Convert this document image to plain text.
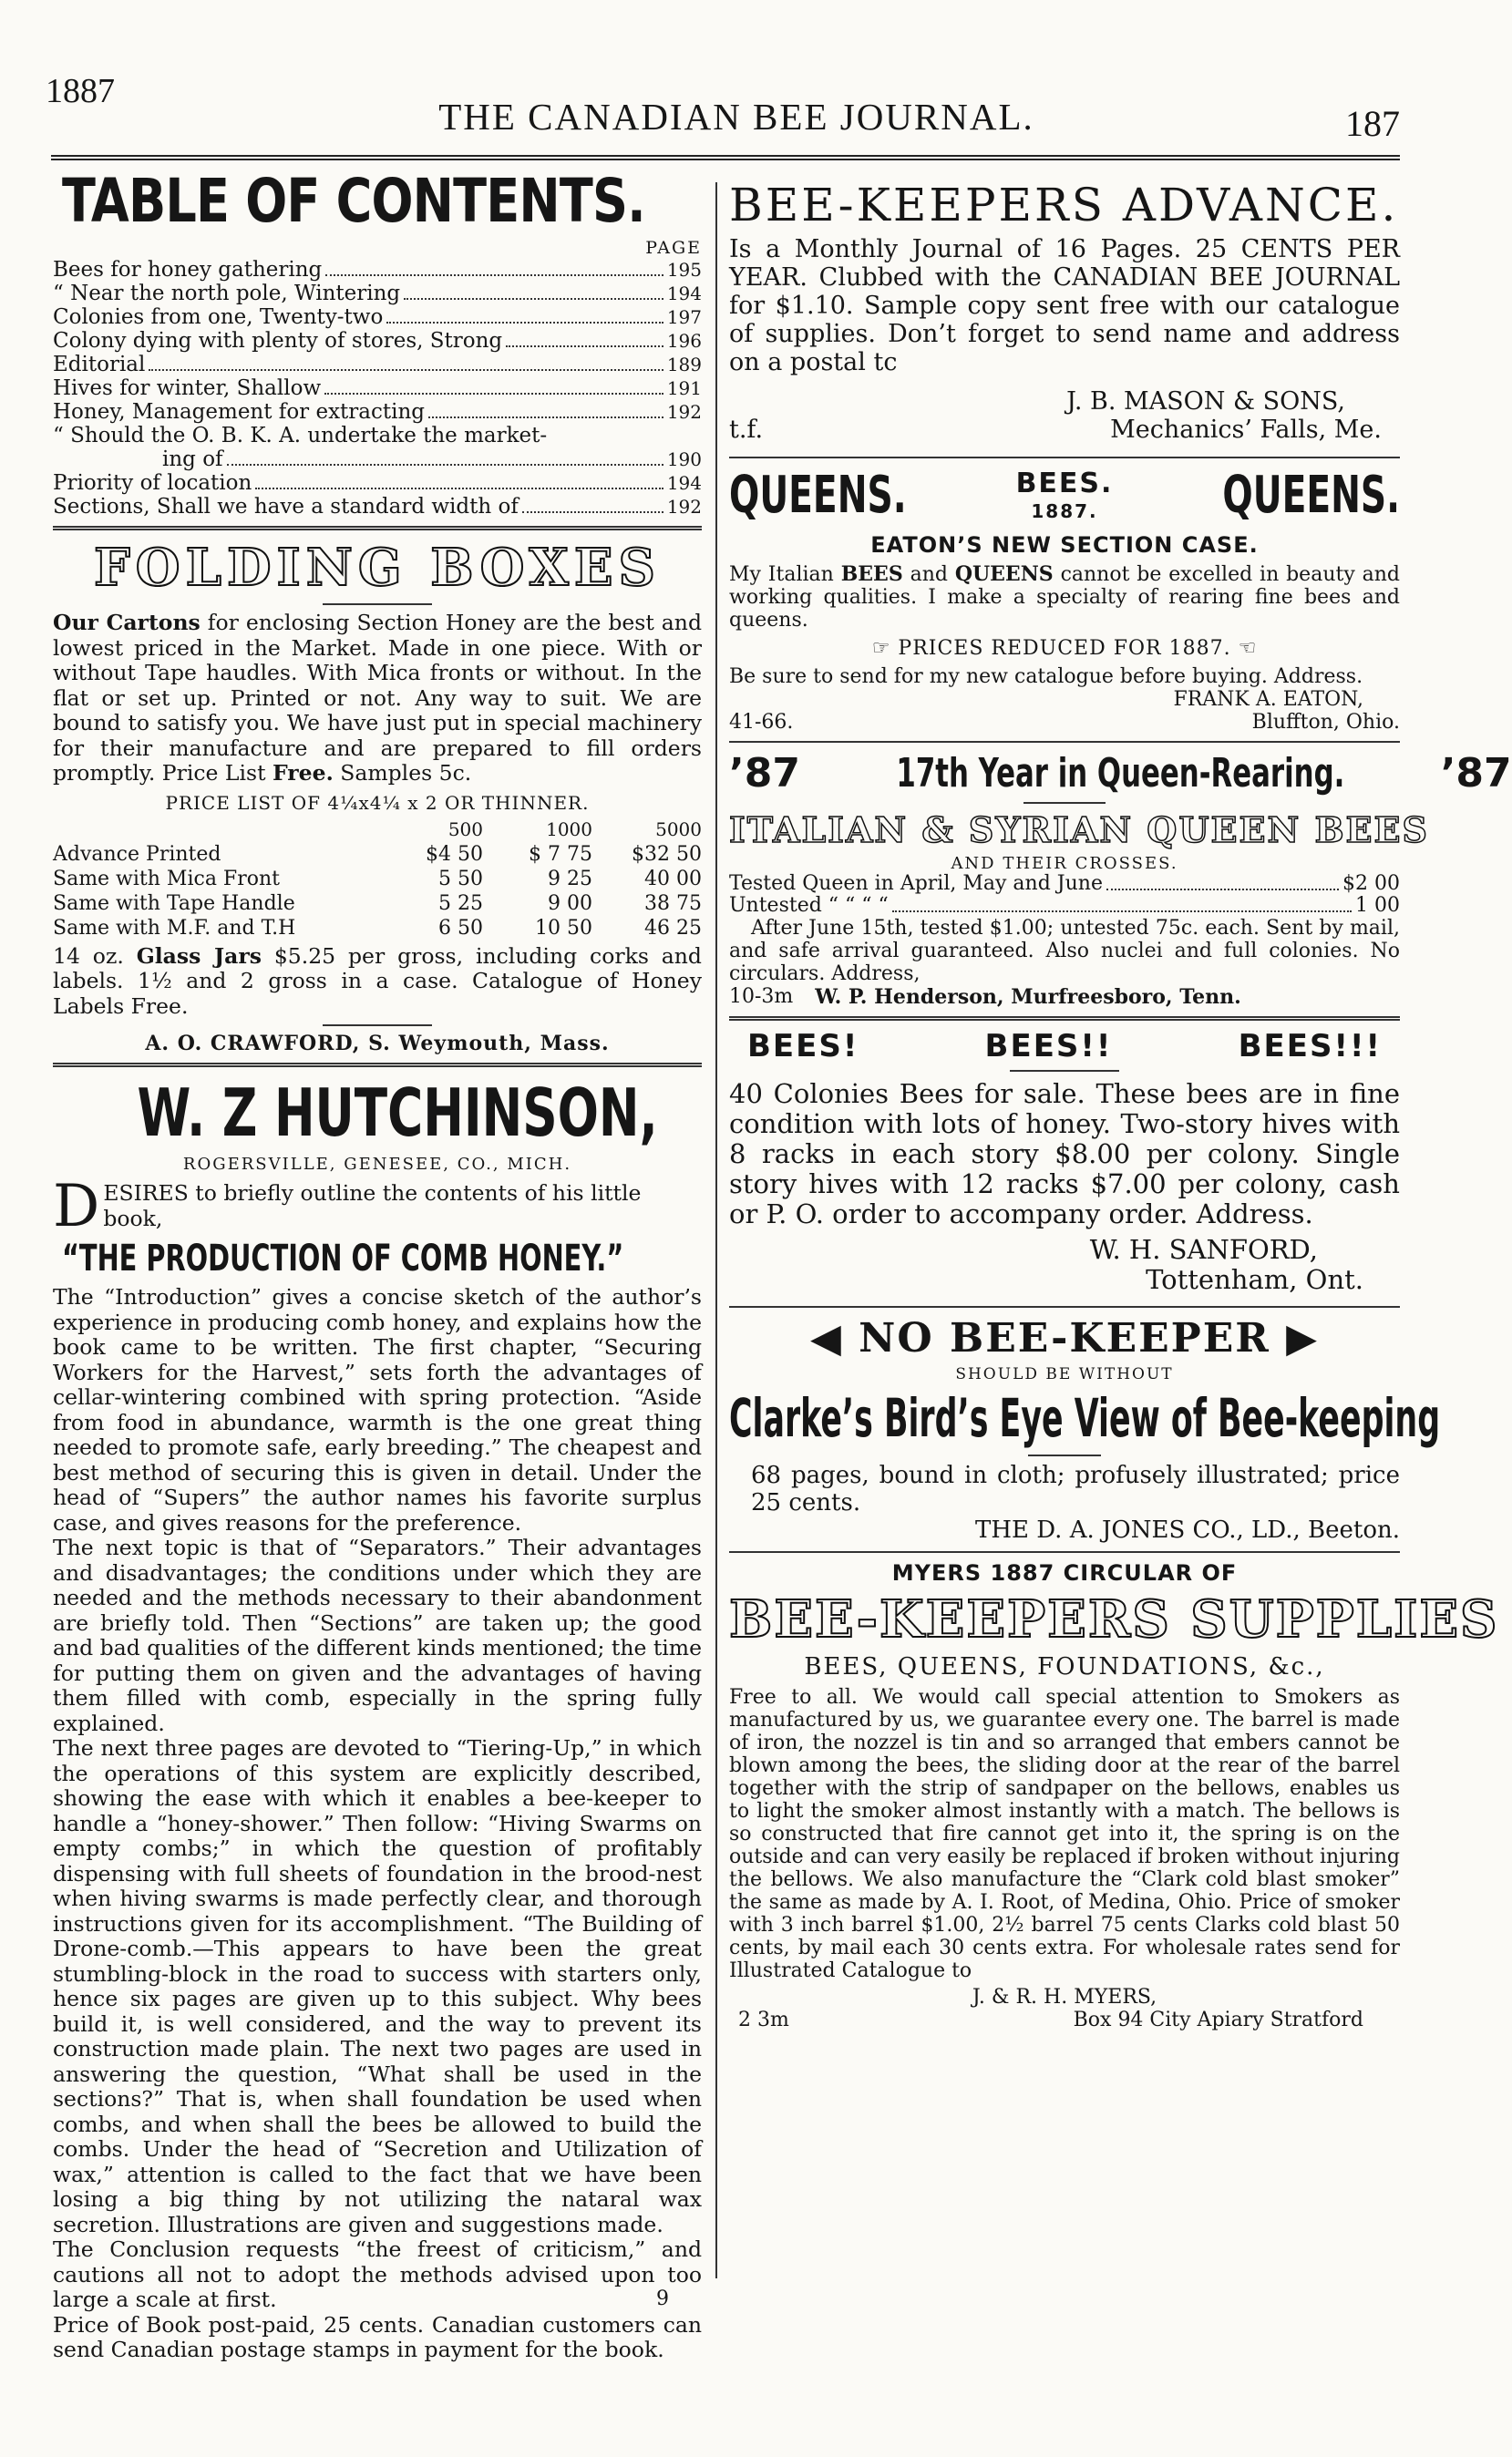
1887
THE CANADIAN BEE JOURNAL.	187
TABLE OF CONTENTS.
PAGE
Bees for honey gathering	195
“ Near the north pole, Wintering	194
Colonies from one, Twenty-two	197
Colony dying with plenty of stores, Strong	196
Editorial	189
Hives for winter, Shallow	191
Honey, Management for extracting	192
“ Should the O. B. K. A. undertake the market-
ing of	190
Priority of location	194
Sections, Shall we have a standard width of	192
FOLDING BOXES

Our Cartons for enclosing Section Honey are the best and lowest priced in the Market. Made in one piece. With or without Tape haudles. With Mica fronts or without. In the flat or set up. Printed or not. Any way to suit. We are bound to satisfy you. We have just put in special machinery for their manufacture and are prepared to fill orders promptly. Price List Free. Samples 5c.

PRICE LIST OF 4¼x4¼ x 2 OR THINNER.
	500	1000	5000
Advance Printed	$4 50	$ 7 75	$32 50
Same with Mica Front	5 50	9 25	40 00
Same with Tape Handle	5 25	9 00	38 75
Same with M.F. and T.H	6 50	10 50	46 25

14 oz. Glass Jars $5.25 per gross, including corks and labels. 1½ and 2 gross in a case. Catalogue of Honey Labels Free.

A. O. CRAWFORD, S. Weymouth, Mass.
W. Z HUTCHINSON,
ROGERSVILLE, GENESEE, CO., MICH.

DESIRES to briefly outline the contents of his little book,

“THE PRODUCTION OF COMB HONEY.”

The “Introduction” gives a concise sketch of the author’s experience in producing comb honey, and explains how the book came to be written. The first chapter, “Securing Workers for the Harvest,” sets forth the advantages of cellar-wintering combined with spring protection. “Aside from food in abundance, warmth is the one great thing needed to promote safe, early breeding.” The cheapest and best method of securing this is given in detail. Under the head of “Supers” the author names his favorite surplus case, and gives reasons for the preference.

The next topic is that of “Separators.” Their advantages and disadvantages; the conditions under which they are needed and the methods necessary to their abandonment are briefly told. Then “Sections” are taken up; the good and bad qualities of the different kinds mentioned; the time for putting them on given and the advantages of having them filled with comb, especially in the spring fully explained.

The next three pages are devoted to “Tiering-Up,” in which the operations of this system are explicitly described, showing the ease with which it enables a bee-keeper to handle a “honey-shower.” Then follow: “Hiving Swarms on empty combs;” in which the question of profitably dispensing with full sheets of foundation in the brood-nest when hiving swarms is made perfectly clear, and thorough instructions given for its accomplishment. “The Building of Drone-comb.—This appears to have been the great stumbling-block in the road to success with starters only, hence six pages are given up to this subject. Why bees build it, is well considered, and the way to prevent its construction made plain. The next two pages are used in answering the question, “What shall be used in the sections?” That is, when shall foundation be used when combs, and when shall the bees be allowed to build the combs. Under the head of “Secretion and Utilization of wax,” attention is called to the fact that we have been losing a big thing by not utilizing the nataral wax secretion. Illustrations are given and suggestions made.

The Conclusion requests “the freest of criticism,” and cautions all not to adopt the methods advised upon too large a scale at first.

Price of Book post-paid, 25 cents. Canadian customers can send Canadian postage stamps in payment for the book.

9
BEE-KEEPERS ADVANCE.

Is a Monthly Journal of 16 Pages. 25 CENTS PER YEAR. Clubbed with the CANADIAN BEE JOURNAL for $1.10. Sample copy sent free with our catalogue of supplies. Don’t forget to send name and address on a postal tc

J. B. MASON & SONS,
t.f.	Mechanics’ Falls, Me.
QUEENS.	BEES.
1887. QUEENS.
EATON’S NEW SECTION CASE.

My Italian BEES and QUEENS cannot be excelled in beauty and working qualities. I make a specialty of rearing fine bees and queens.

☞ PRICES REDUCED FOR 1887. ☜

Be sure to send for my new catalogue before buying. Address.

FRANK A. EATON,
41-66.	Bluffton, Ohio.
’87 17th Year in Queen-Rearing. ’87
ITALIAN & SYRIAN QUEEN BEES
AND THEIR CROSSES.
Tested Queen in April, May and June	$2 00
Untested “ “ “ “	1 00

After June 15th, tested $1.00; untested 75c. each. Sent by mail, and safe arrival guaranteed. Also nuclei and full colonies. No circulars. Address,

10-3m W. P. Henderson, Murfreesboro, Tenn.
BEES!	BEES!!	BEES!!!

40 Colonies Bees for sale. These bees are in fine condition with lots of honey. Two-story hives with 8 racks in each story $8.00 per colony. Single story hives with 12 racks $7.00 per colony, cash or P. O. order to accompany order. Address.

W. H. SANFORD,
Tottenham, Ont.
◀ NO BEE-KEEPER ▶
SHOULD BE WITHOUT
Clarke’s Bird’s Eye View of Bee-keeping

68 pages, bound in cloth; profusely illustrated; price 25 cents.

THE D. A. JONES CO., LD., Beeton.
MYERS 1887 CIRCULAR OF
BEE-KEEPERS SUPPLIES
BEES, QUEENS, FOUNDATIONS, &c.,

Free to all. We would call special attention to Smokers as manufactured by us, we guarantee every one. The barrel is made of iron, the nozzel is tin and so arranged that embers cannot be blown among the bees, the sliding door at the rear of the barrel together with the strip of sandpaper on the bellows, enables us to light the smoker almost instantly with a match. The bellows is so constructed that fire cannot get into it, the spring is on the outside and can very easily be replaced if broken without injuring the bellows. We also manufacture the “Clark cold blast smoker” the same as made by A. I. Root, of Medina, Ohio. Price of smoker with 3 inch barrel $1.00, 2½ barrel 75 cents Clarks cold blast 50 cents, by mail each 30 cents extra. For wholesale rates send for Illustrated Catalogue to

J. & R. H. MYERS,
2 3m	Box 94 City Apiary Stratford
